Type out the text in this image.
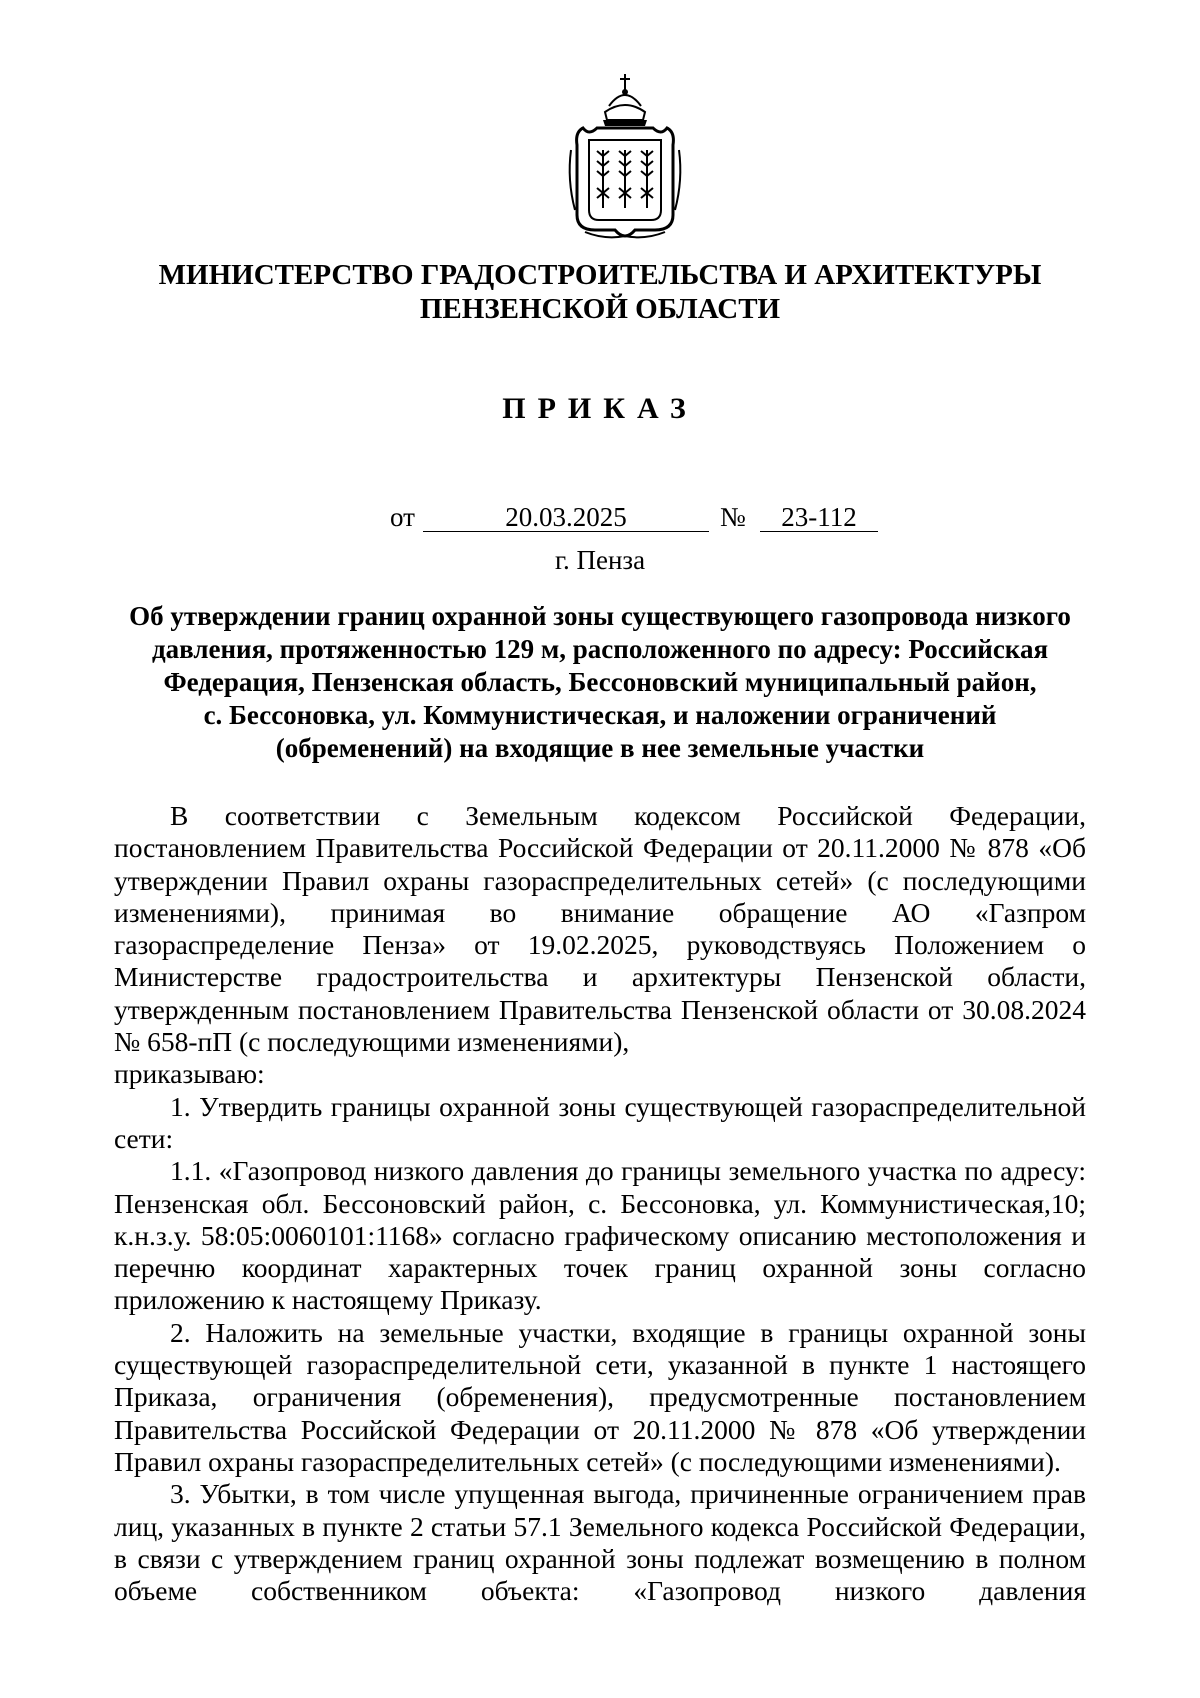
МИНИСТЕРСТВО ГРАДОСТРОИТЕЛЬСТВА И АРХИТЕКТУРЫ
ПЕНЗЕНСКОЙ ОБЛАСТИ
ПРИКАЗ
от	20.03.2025	№	23-112
г. Пенза
Об утверждении границ охранной зоны существующего газопровода низкого
давления, протяженностью 129 м, расположенного по адресу: Российская
Федерация, Пензенская область, Бессоновский муниципальный район,
с. Бессоновка, ул. Коммунистическая, и наложении ограничений
(обременений) на входящие в нее земельные участки

В соответствии с Земельным кодексом Российской Федерации, постановлением Правительства Российской Федерации от 20.11.2000 № 878 «Об утверждении Правил охраны газораспределительных сетей» (с последующими изменениями), принимая во внимание обращение АО «Газпром газораспределение Пенза» от 19.02.2025, руководствуясь Положением о Министерстве градостроительства и архитектуры Пензенской области, утвержденным постановлением Правительства Пензенской области от 30.08.2024 № 658-пП (с последующими изменениями),

приказываю:

1. Утвердить границы охранной зоны существующей газораспределительной сети:

1.1. «Газопровод низкого давления до границы земельного участка по адресу: Пензенская обл. Бессоновский район, с. Бессоновка, ул. Коммунистическая,10; к.н.з.у. 58:05:0060101:1168» согласно графическому описанию местоположения и перечню координат характерных точек границ охранной зоны согласно приложению к настоящему Приказу.

2. Наложить на земельные участки, входящие в границы охранной зоны существующей газораспределительной сети, указанной в пункте 1 настоящего Приказа, ограничения (обременения), предусмотренные постановлением Правительства Российской Федерации от 20.11.2000 № 878 «Об утверждении Правил охраны газораспределительных сетей» (с последующими изменениями).

3. Убытки, в том числе упущенная выгода, причиненные ограничением прав лиц, указанных в пункте 2 статьи 57.1 Земельного кодекса Российской Федерации, в связи с утверждением границ охранной зоны подлежат возмещению в полном объеме собственником объекта: «Газопровод низкого давления
